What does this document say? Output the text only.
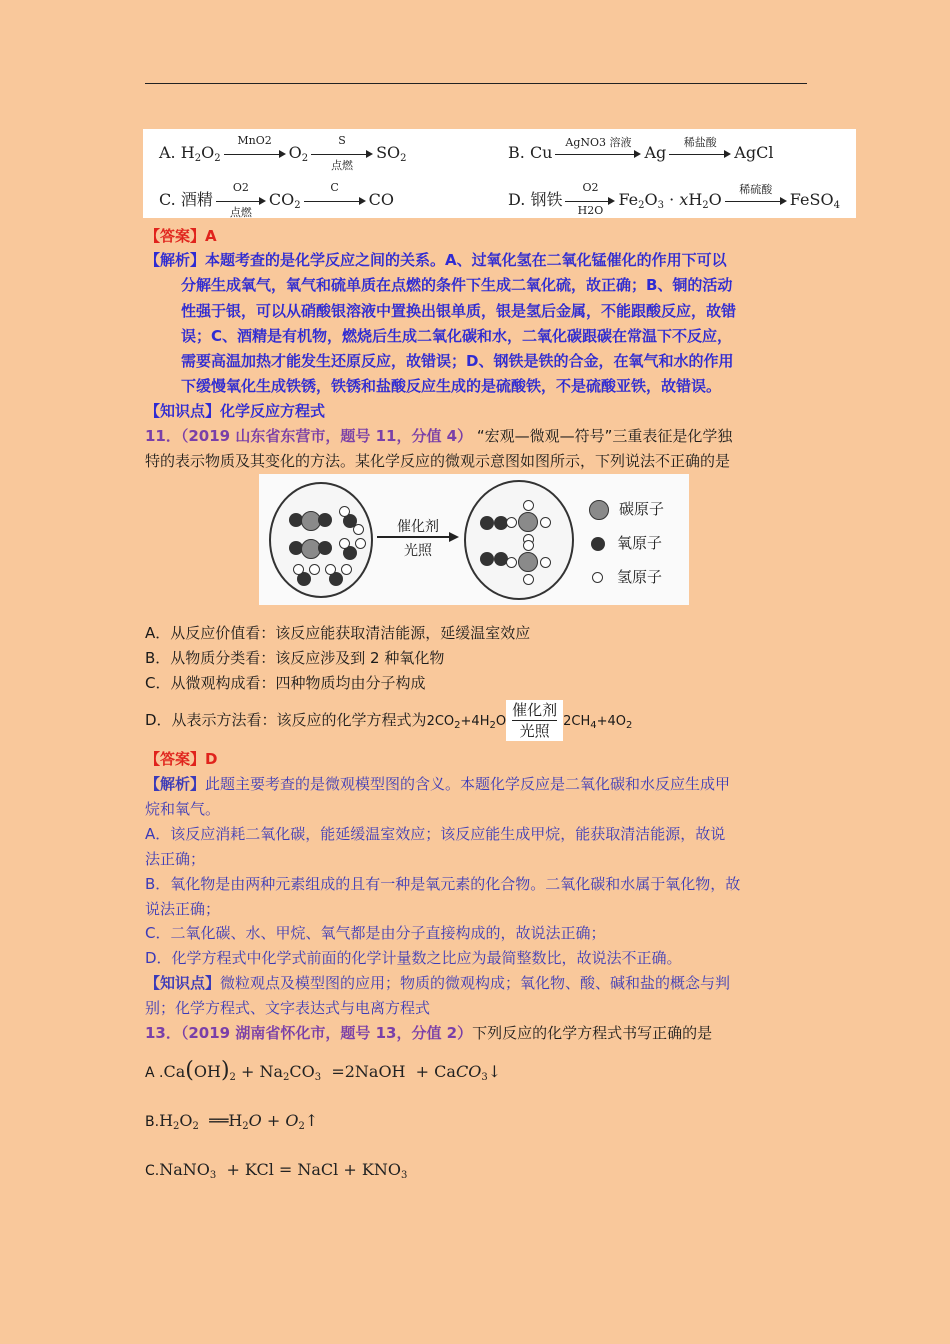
A. $H_2O_2$
MnO2
$O_2$
S
点燃
$SO_2$	B. Cu
AgNO3 溶液
Ag
稀盐酸
AgCl
C. 酒精
O2
点燃
$CO_2$
C
CO	D. 钢铁
O2
H2O
$Fe_2O_3 \cdot xH_2O$
稀硫酸
FeSO$_4$
【答案】A
【解析】本题考查的是化学反应之间的关系。A、过氧化氢在二氧化锰催化的作用下可以
分解生成氧气，氧气和硫单质在点燃的条件下生成二氧化硫，故正确；B、铜的活动
性强于银，可以从硝酸银溶液中置换出银单质，银是氢后金属，不能跟酸反应，故错
误；C、酒精是有机物，燃烧后生成二氧化碳和水，二氧化碳跟碳在常温下不反应，
需要高温加热才能发生还原反应，故错误；D、钢铁是铁的合金，在氧气和水的作用
下缓慢氧化生成铁锈，铁锈和盐酸反应生成的是硫酸铁，不是硫酸亚铁，故错误。
【知识点】化学反应方程式
11．（2019 山东省东营市，题号 11，分值 4） “宏观—微观—符号”三重表征是化学独
特的表示物质及其变化的方法。某化学反应的微观示意图如图所示，下列说法不正确的是
催化剂
光照
碳原子
氧原子
氢原子
A．从反应价值看：该反应能获取清洁能源，延缓温室效应
B．从物质分类看：该反应涉及到 2 种氧化物
C．从微观构成看：四种物质均由分子构成
D．从表示方法看：该反应的化学方程式为$2CO_2+4H_2O$
催化剂
光照
$2CH_4+4O_2$
【答案】D
【解析】此题主要考查的是微观模型图的含义。本题化学反应是二氧化碳和水反应生成甲
烷和氧气。
A．该反应消耗二氧化碳，能延缓温室效应；该反应能生成甲烷，能获取清洁能源，故说
法正确；
B．氧化物是由两种元素组成的且有一种是氧元素的化合物。二氧化碳和水属于氧化物，故
说法正确；
C．二氧化碳、水、甲烷、氧气都是由分子直接构成的，故说法正确；
D．化学方程式中化学式前面的化学计量数之比应为最简整数比，故说法不正确。
【知识点】微粒观点及模型图的应用；物质的微观构成；氧化物、酸、碱和盐的概念与判
别；化学方程式、文字表达式与电离方程式
13．（2019 湖南省怀化市，题号 13，分值 2）下列反应的化学方程式书写正确的是
A $.Ca(OH)_2 + Na_2CO_3$  =2NaOH  + CaCO$_3$↓
$B.H_2O_2$  $══H_2O$ + $O_2↑$
C.NaNO$_3$  + KCl = NaCl + $KNO_3$
